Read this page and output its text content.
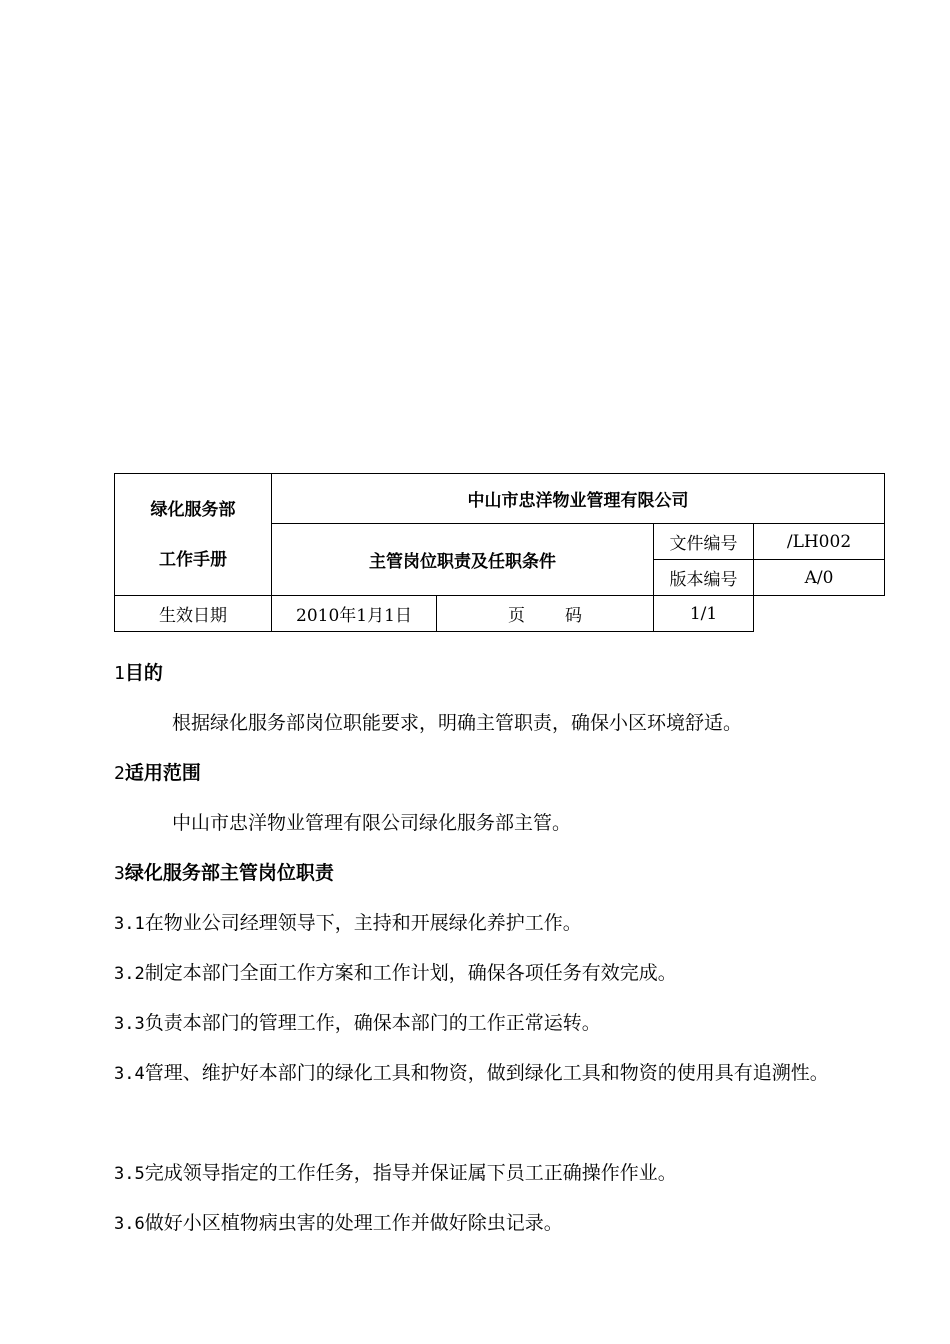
绿化服务部
工作手册	中山市忠洋物业管理有限公司			
	主管岗位职责及任职条件		文件编号	/LH002
			版本编号	A/0
生效日期	2010年1月1日	页 码	1/1	
1目的
根据绿化服务部岗位职能要求，明确主管职责，确保小区环境舒适。
2适用范围
中山市忠洋物业管理有限公司绿化服务部主管。
3绿化服务部主管岗位职责
3.1在物业公司经理领导下，主持和开展绿化养护工作。
3.2制定本部门全面工作方案和工作计划，确保各项任务有效完成。
3.3负责本部门的管理工作，确保本部门的工作正常运转。
3.4管理、维护好本部门的绿化工具和物资，做到绿化工具和物资的使用具有追溯性。
3.5完成领导指定的工作任务，指导并保证属下员工正确操作作业。
3.6做好小区植物病虫害的处理工作并做好除虫记录。
